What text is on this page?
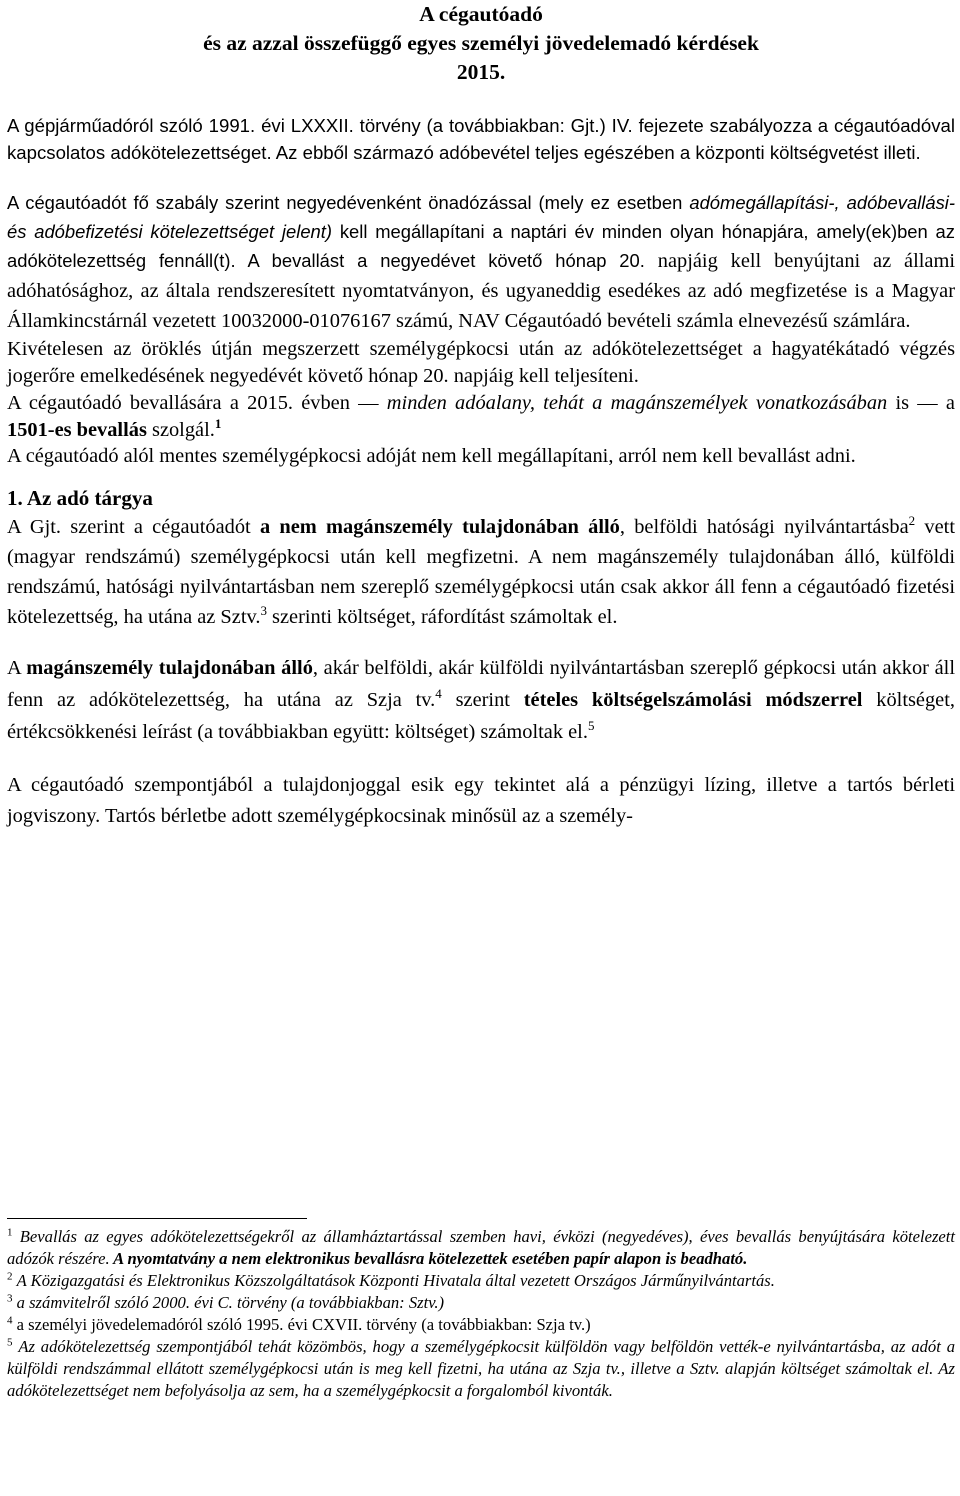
A cégautóadó
és az azzal összefüggő egyes személyi jövedelemadó kérdések
2015.

A gépjárműadóról szóló 1991. évi LXXXII. törvény (a továbbiakban: Gjt.) IV. fejezete szabályozza a cégautóadóval kapcsolatos adókötelezettséget. Az ebből származó adóbevétel teljes egészében a központi költségvetést illeti.

A cégautóadót fő szabály szerint negyedévenként önadózással (mely ez esetben adómegállapítási-, adóbevallási- és adóbefizetési kötelezettséget jelent) kell megállapítani a naptári év minden olyan hónapjára, amely(ek)ben az adókötelezettség fennáll(t). A bevallást a negyedévet követő hónap 20. napjáig kell benyújtani az állami adóhatósághoz, az általa rendszeresített nyomtatványon, és ugyaneddig esedékes az adó megfizetése is a Magyar Államkincstárnál vezetett 10032000-01076167 számú, NAV Cégautóadó bevételi számla elnevezésű számlára.

Kivételesen az öröklés útján megszerzett személygépkocsi után az adókötelezettséget a hagyatékátadó végzés jogerőre emelkedésének negyedévét követő hónap 20. napjáig kell teljesíteni.

A cégautóadó bevallására a 2015. évben — minden adóalany, tehát a magánszemélyek vonatkozásában is — a 1501-es bevallás szolgál.$^1$

A cégautóadó alól mentes személygépkocsi adóját nem kell megállapítani, arról nem kell bevallást adni.

1. Az adó tárgya

A Gjt. szerint a cégautóadót a nem magánszemély tulajdonában álló, belföldi hatósági nyilvántartásba$^2$ vett (magyar rendszámú) személygépkocsi után kell megfizetni. A nem magánszemély tulajdonában álló, külföldi rendszámú, hatósági nyilvántartásban nem szereplő személygépkocsi után csak akkor áll fenn a cégautóadó fizetési kötelezettség, ha utána az Sztv.$^3$ szerinti költséget, ráfordítást számoltak el.

A magánszemély tulajdonában álló, akár belföldi, akár külföldi nyilvántartásban szereplő gépkocsi után akkor áll fenn az adókötelezettség, ha utána az Szja tv.$^4$ szerint tételes költségelszámolási módszerrel költséget, értékcsökkenési leírást (a továbbiakban együtt: költséget) számoltak el.$^5$

A cégautóadó szempontjából a tulajdonjoggal esik egy tekintet alá a pénzügyi lízing, illetve a tartós bérleti jogviszony. Tartós bérletbe adott személygépkocsinak minősül az a személy-

$^1$ Bevallás az egyes adókötelezettségekről az államháztartással szemben havi, évközi (negyedéves), éves bevallás benyújtására kötelezett adózók részére. A nyomtatvány a nem elektronikus bevallásra kötelezettek esetében papír alapon is beadható.

$^2$ A Közigazgatási és Elektronikus Közszolgáltatások Központi Hivatala által vezetett Országos Járműnyilvántartás.

$^3$ a számvitelről szóló 2000. évi C. törvény (a továbbiakban: Sztv.)

$^4$ a személyi jövedelemadóról szóló 1995. évi CXVII. törvény (a továbbiakban: Szja tv.)

$^5$ Az adókötelezettség szempontjából tehát közömbös, hogy a személygépkocsit külföldön vagy belföldön vették-e nyilvántartásba, az adót a külföldi rendszámmal ellátott személygépkocsi után is meg kell fizetni, ha utána az Szja tv., illetve a Sztv. alapján költséget számoltak el. Az adókötelezettséget nem befolyásolja az sem, ha a személygépkocsit a forgalomból kivonták.
